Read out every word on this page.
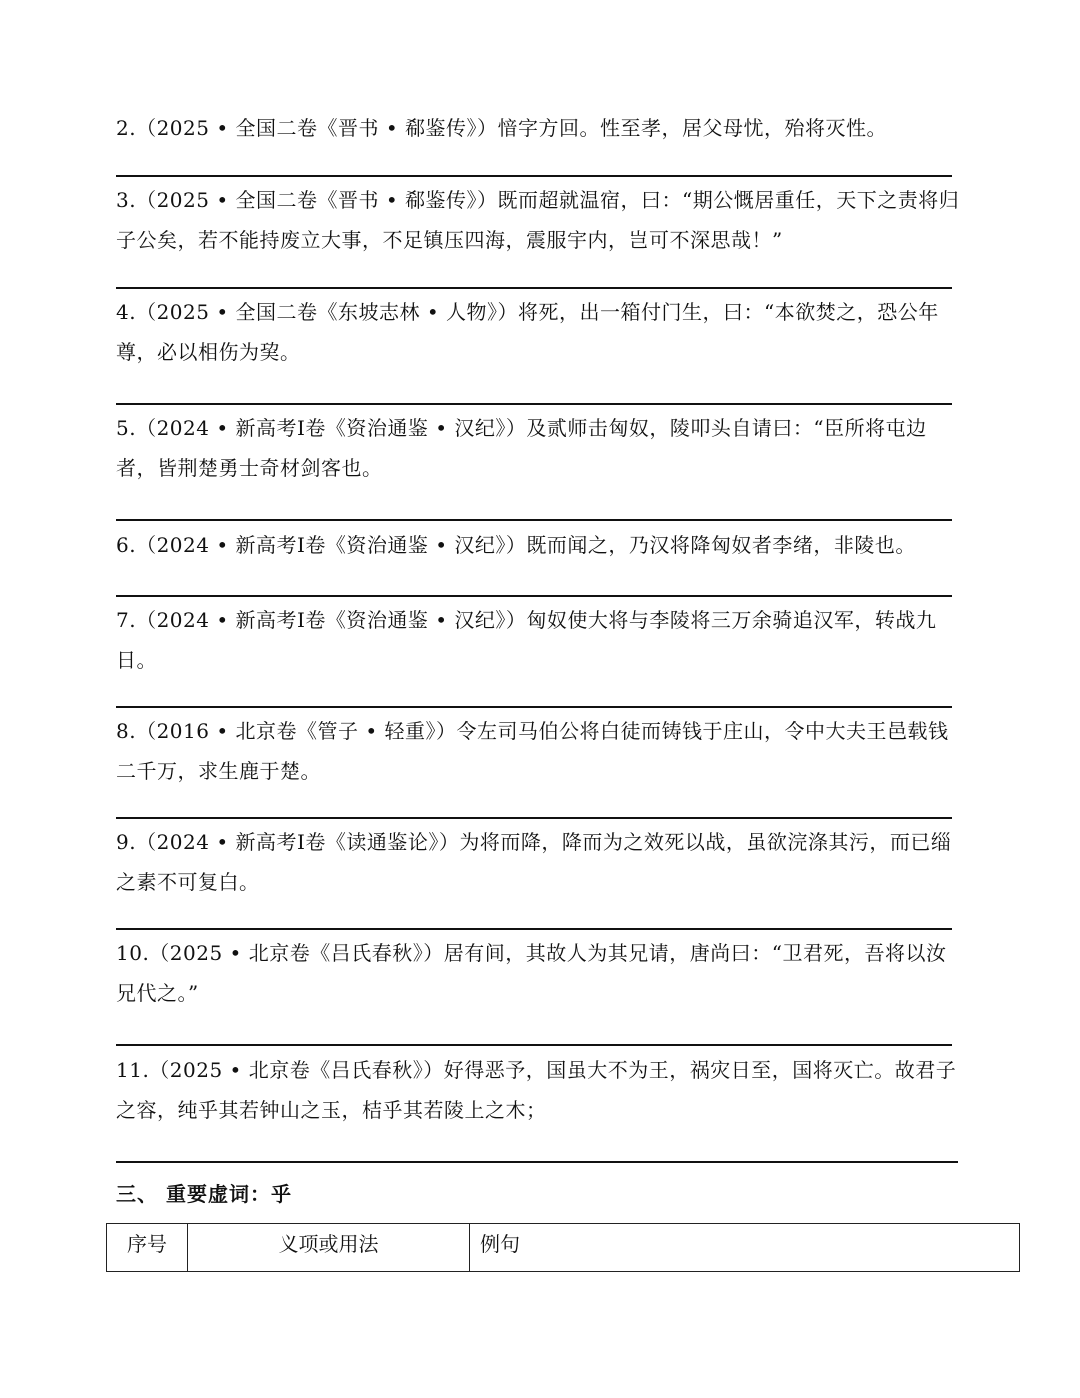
2.（2025 • 全国二卷《晋书 • 郗鉴传》）愔字方回。性至孝，居父母忧，殆将灭性。
3.（2025 • 全国二卷《晋书 • 郗鉴传》）既而超就温宿，曰：“期公慨居重任，天下之责将归子公矣，若不能持废立大事，不足镇压四海，震服宇内，岂可不深思哉！”
4.（2025 • 全国二卷《东坡志林 • 人物》）将死，出一箱付门生，曰：“本欲焚之，恐公年尊，必以相伤为巭。
5.（2024 • 新高考Ⅰ卷《资治通鉴 • 汉纪》）及贰师击匈奴，陵叩头自请曰：“臣所将屯边者，皆荆楚勇士奇材剑客也。
6.（2024 • 新高考Ⅰ卷《资治通鉴 • 汉纪》）既而闻之，乃汉将降匈奴者李绪，非陵也。
7.（2024 • 新高考Ⅰ卷《资治通鉴 • 汉纪》）匈奴使大将与李陵将三万余骑追汉军，转战九日。
8.（2016 • 北京卷《管子 • 轻重》）令左司马伯公将白徒而铸钱于庄山，令中大夫王邑载钱二千万，求生鹿于楚。
9.（2024 • 新高考Ⅰ卷《读通鉴论》）为将而降，降而为之效死以战，虽欲浣涤其污，而已缁之素不可复白。
10.（2025 • 北京卷《吕氏春秋》）居有间，其故人为其兄请，唐尚曰：“卫君死，吾将以汝兄代之。”
11.（2025 • 北京卷《吕氏春秋》）好得恶予，国虽大不为王，祸灾日至，国将灭亡。故君子之容，纯乎其若钟山之玉，桔乎其若陵上之木；
三、 重要虚词：乎
序号	义项或用法	例句
